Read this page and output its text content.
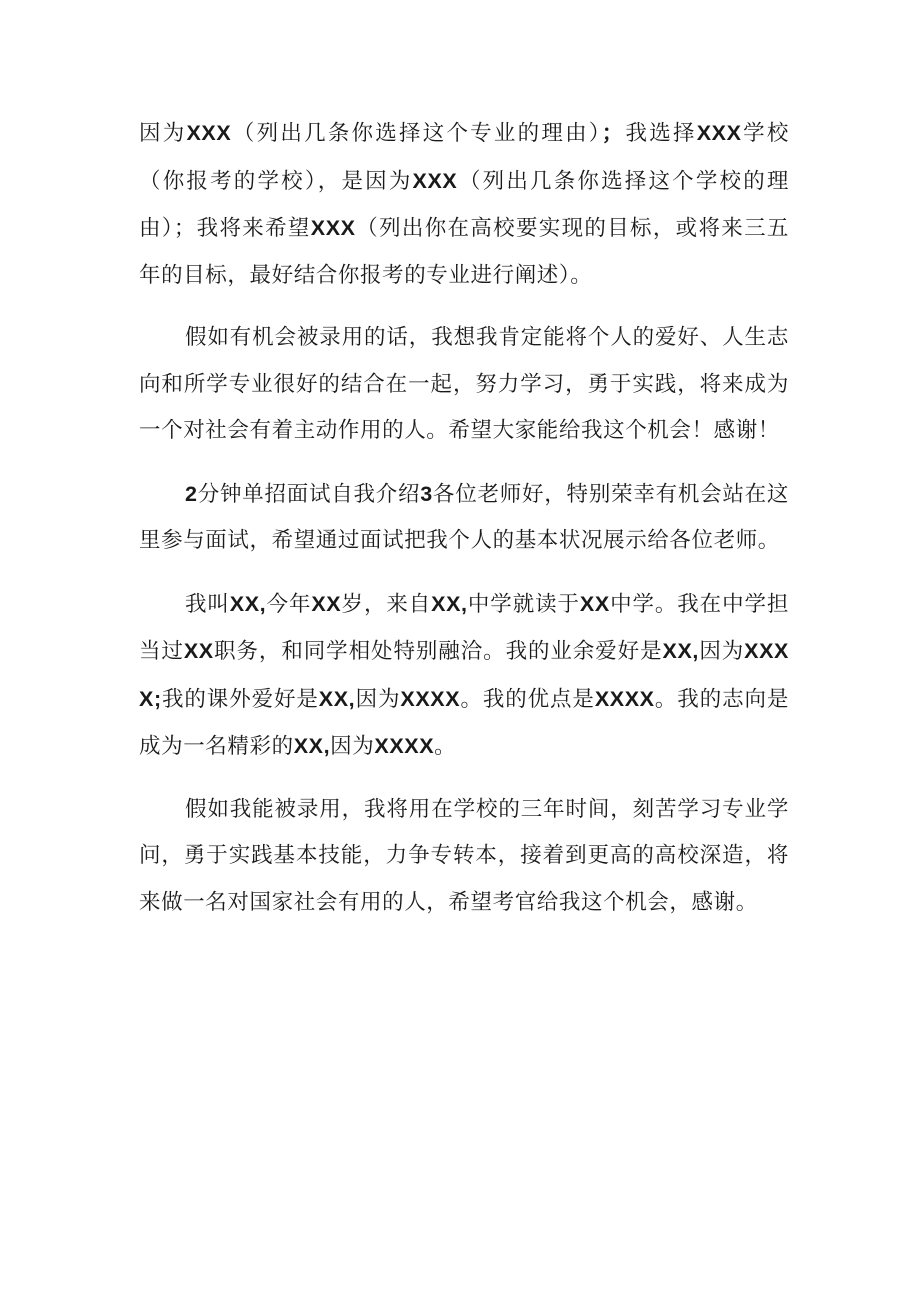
因为XXX（列出几条你选择这个专业的理由）；我选择XXX学校（你报考的学校），是因为XXX（列出几条你选择这个学校的理由）；我将来希望XXX（列出你在高校要实现的目标，或将来三五年的目标，最好结合你报考的专业进行阐述）。

假如有机会被录用的话，我想我肯定能将个人的爱好、人生志向和所学专业很好的结合在一起，努力学习，勇于实践，将来成为一个对社会有着主动作用的人。希望大家能给我这个机会！感谢！

2分钟单招面试自我介绍3各位老师好，特别荣幸有机会站在这里参与面试，希望通过面试把我个人的基本状况展示给各位老师。

我叫XX,今年XX岁，来自XX,中学就读于XX中学。我在中学担当过XX职务，和同学相处特别融洽。我的业余爱好是XX,因为XXXX;我的课外爱好是XX,因为XXXX。我的优点是XXXX。我的志向是成为一名精彩的XX,因为XXXX。

假如我能被录用，我将用在学校的三年时间，刻苦学习专业学问，勇于实践基本技能，力争专转本，接着到更高的高校深造，将来做一名对国家社会有用的人，希望考官给我这个机会，感谢。
